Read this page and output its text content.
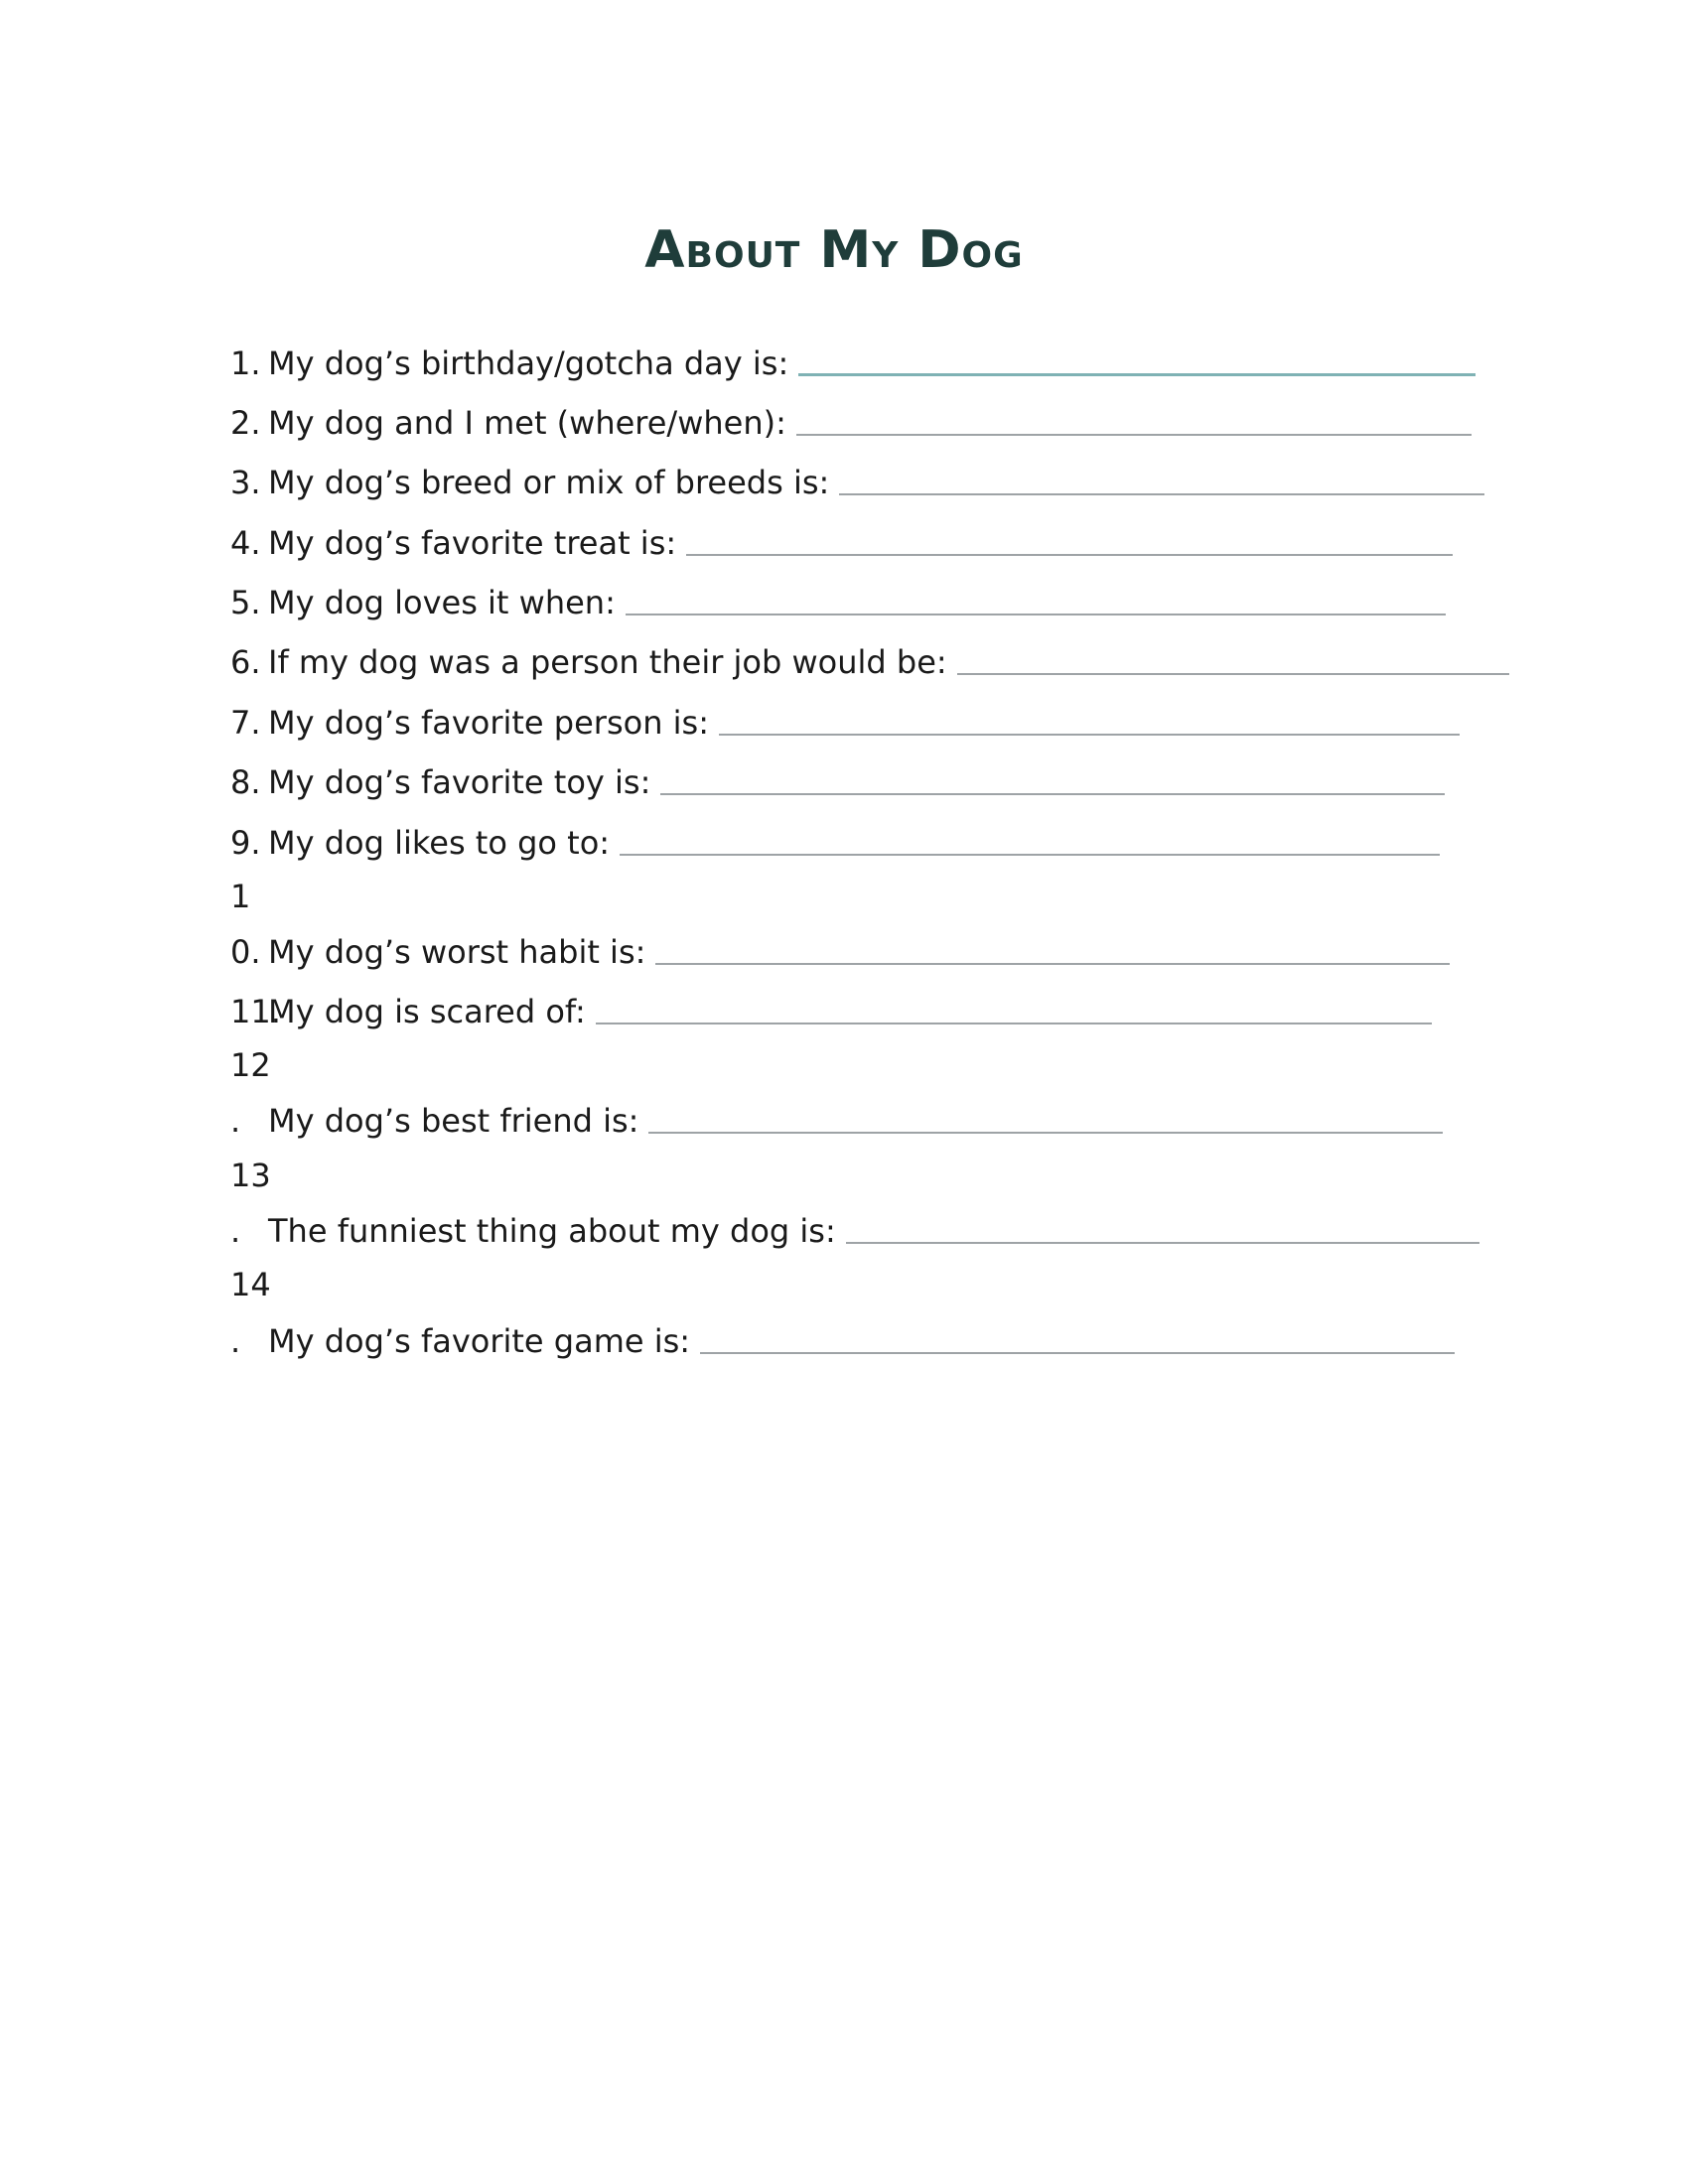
About My Dog
1. My dog’s birthday/gotcha day is:
2. My dog and I met (where/when):
3. My dog’s breed or mix of breeds is:
4. My dog’s favorite treat is:
5. My dog loves it when:
6. If my dog was a person their job would be:
7. My dog’s favorite person is:
8. My dog’s favorite toy is:
9. My dog likes to go to:
1
0. My dog’s worst habit is:
11.
My dog is scared of:
12
. My dog’s best friend is:
13
. The funniest thing about my dog is:
14
. My dog’s favorite game is:
